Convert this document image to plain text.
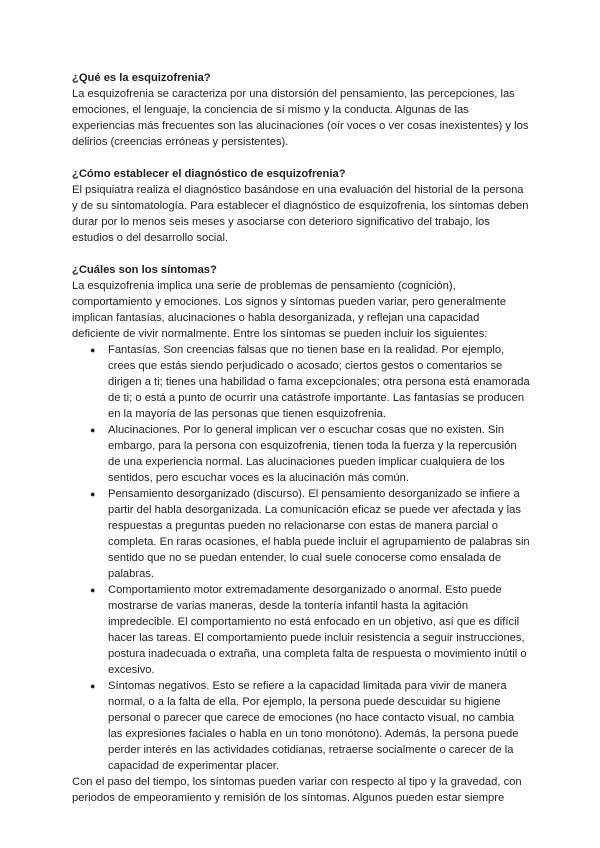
¿Qué es la esquizofrenia?

La esquizofrenia se caracteriza por una distorsión del pensamiento, las percepciones, las emociones, el lenguaje, la conciencia de sí mismo y la conducta. Algunas de las experiencias más frecuentes son las alucinaciones (oír voces o ver cosas inexistentes) y los delirios (creencias erróneas y persistentes).

¿Cómo establecer el diagnóstico de esquizofrenia?

El psiquiatra realiza el diagnóstico basándose en una evaluación del historial de la persona y de su sintomatología. Para establecer el diagnóstico de esquizofrenia, los síntomas deben durar por lo menos seis meses y asociarse con deterioro significativo del trabajo, los estudios o del desarrollo social.

¿Cuáles son los síntomas?

La esquizofrenia implica una serie de problemas de pensamiento (cognición), comportamiento y emociones. Los signos y síntomas pueden variar, pero generalmente implican fantasías, alucinaciones o habla desorganizada, y reflejan una capacidad deficiente de vivir normalmente. Entre los síntomas se pueden incluir los siguientes:

● Fantasías. Son creencias falsas que no tienen base en la realidad. Por ejemplo, crees que estás siendo perjudicado o acosado; ciertos gestos o comentarios se dirigen a ti; tienes una habilidad o fama excepcionales; otra persona está enamorada de ti; o está a punto de ocurrir una catástrofe importante. Las fantasías se producen en la mayoría de las personas que tienen esquizofrenia.
● Alucinaciones. Por lo general implican ver o escuchar cosas que no existen. Sin embargo, para la persona con esquizofrenia, tienen toda la fuerza y la repercusión de una experiencia normal. Las alucinaciones pueden implicar cualquiera de los sentidos, pero escuchar voces es la alucinación más común.
● Pensamiento desorganizado (discurso). El pensamiento desorganizado se infiere a partir del habla desorganizada. La comunicación eficaz se puede ver afectada y las respuestas a preguntas pueden no relacionarse con estas de manera parcial o completa. En raras ocasiones, el habla puede incluir el agrupamiento de palabras sin sentido que no se puedan entender, lo cual suele conocerse como ensalada de palabras.
● Comportamiento motor extremadamente desorganizado o anormal. Esto puede mostrarse de varias maneras, desde la tontería infantil hasta la agitación impredecible. El comportamiento no está enfocado en un objetivo, así que es difícil hacer las tareas. El comportamiento puede incluir resistencia a seguir instrucciones, postura inadecuada o extraña, una completa falta de respuesta o movimiento inútil o excesivo.
● Síntomas negativos. Esto se refiere a la capacidad limitada para vivir de manera normal, o a la falta de ella. Por ejemplo, la persona puede descuidar su higiene personal o parecer que carece de emociones (no hace contacto visual, no cambia las expresiones faciales o habla en un tono monótono). Además, la persona puede perder interés en las actividades cotidianas, retraerse socialmente o carecer de la capacidad de experimentar placer.

Con el paso del tiempo, los síntomas pueden variar con respecto al tipo y la gravedad, con periodos de empeoramiento y remisión de los síntomas. Algunos pueden estar siempre
